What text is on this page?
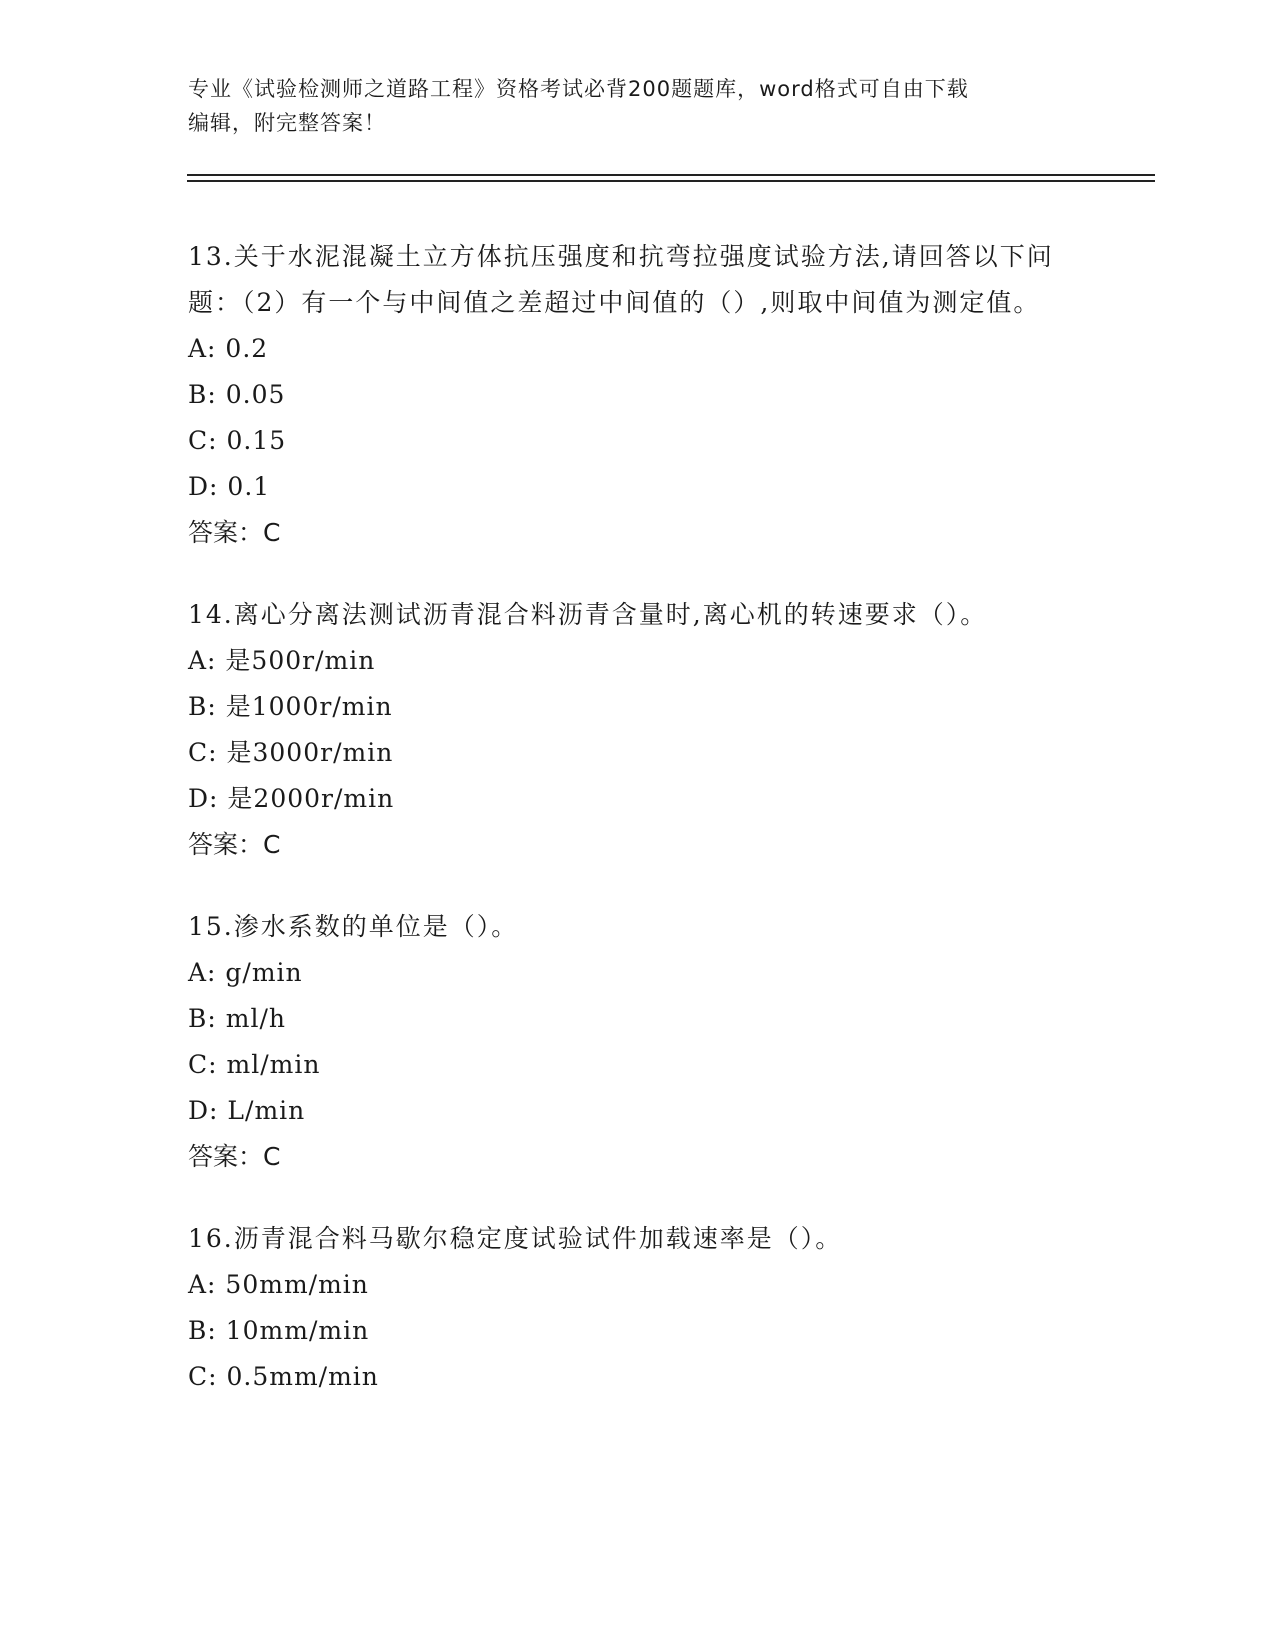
专业《试验检测师之道路工程》资格考试必背200题题库，word格式可自由下载
编辑，附完整答案！
13.关于水泥混凝土立方体抗压强度和抗弯拉强度试验方法,请回答以下问题：（2）有一个与中间值之差超过中间值的（）,则取中间值为测定值。
A: 0.2
B: 0.05
C: 0.15
D: 0.1
答案：C
14.离心分离法测试沥青混合料沥青含量时,离心机的转速要求（）。
A: 是500r/min
B: 是1000r/min
C: 是3000r/min
D: 是2000r/min
答案：C
15.渗水系数的单位是（）。
A: g/min
B: ml/h
C: ml/min
D: L/min
答案：C
16.沥青混合料马歇尔稳定度试验试件加载速率是（）。
A: 50mm/min
B: 10mm/min
C: 0.5mm/min
